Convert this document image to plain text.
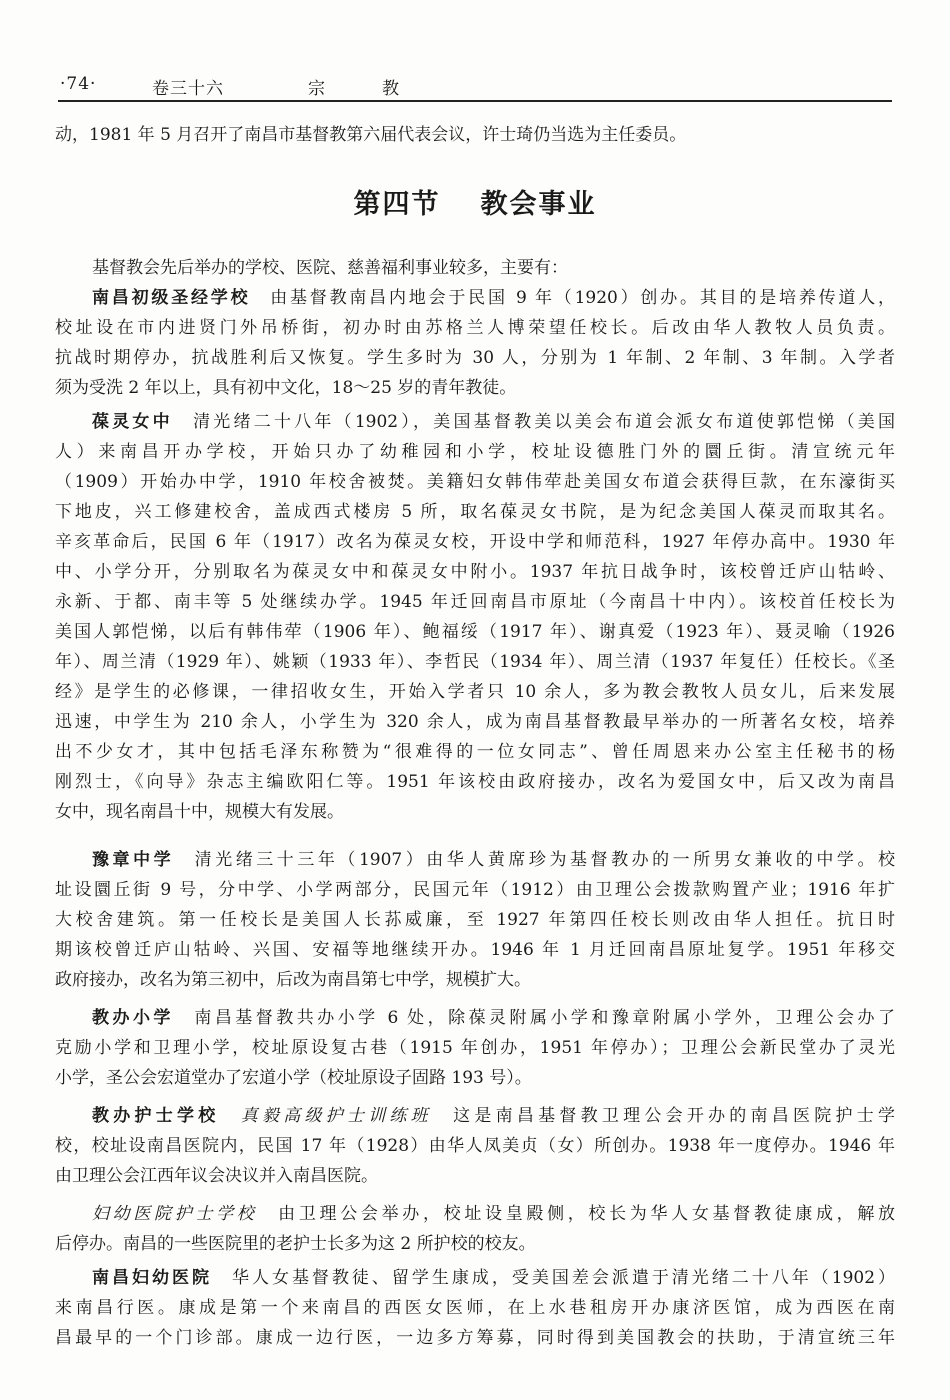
·74·	卷三十六	宗	教
第四节 教会事业
动，1981 年 5 月召开了南昌市基督教第六届代表会议，许士琦仍当选为主任委员。
基督教会先后举办的学校、医院、慈善福利事业较多，主要有：
南昌初级圣经学校　由基督教南昌内地会于民国 9 年（1920）创办。其目的是培养传道人，
校址设在市内进贤门外吊桥街，初办时由苏格兰人博荣望任校长。后改由华人教牧人员负责。
抗战时期停办，抗战胜利后又恢复。学生多时为 30 人，分别为 1 年制、2 年制、3 年制。入学者
须为受洗 2 年以上，具有初中文化，18～25 岁的青年教徒。
葆灵女中　清光绪二十八年（1902），美国基督教美以美会布道会派女布道使郭恺悌（美国
人）来南昌开办学校，开始只办了幼稚园和小学，校址设德胜门外的圜丘街。清宣统元年
（1909）开始办中学，1910 年校舍被焚。美籍妇女韩伟荦赴美国女布道会获得巨款，在东濠街买
下地皮，兴工修建校舍，盖成西式楼房 5 所，取名葆灵女书院，是为纪念美国人葆灵而取其名。
辛亥革命后，民国 6 年（1917）改名为葆灵女校，开设中学和师范科，1927 年停办高中。1930 年
中、小学分开，分别取名为葆灵女中和葆灵女中附小。1937 年抗日战争时，该校曾迁庐山牯岭、
永新、于都、南丰等 5 处继续办学。1945 年迁回南昌市原址（今南昌十中内）。该校首任校长为
美国人郭恺悌，以后有韩伟荦（1906 年）、鲍福绥（1917 年）、谢真爱（1923 年）、聂灵喻（1926
年）、周兰清（1929 年）、姚颖（1933 年）、李哲民（1934 年）、周兰清（1937 年复任）任校长。《圣
经》是学生的必修课，一律招收女生，开始入学者只 10 余人，多为教会教牧人员女儿，后来发展
迅速，中学生为 210 余人，小学生为 320 余人，成为南昌基督教最早举办的一所著名女校，培养
出不少女才，其中包括毛泽东称赞为“很难得的一位女同志”、曾任周恩来办公室主任秘书的杨
刚烈士，《向导》杂志主编欧阳仁等。1951 年该校由政府接办，改名为爱国女中，后又改为南昌
女中，现名南昌十中，规模大有发展。
豫章中学　清光绪三十三年（1907）由华人黄席珍为基督教办的一所男女兼收的中学。校
址设圜丘街 9 号，分中学、小学两部分，民国元年（1912）由卫理公会拨款购置产业；1916 年扩
大校舍建筑。第一任校长是美国人长荪威廉，至 1927 年第四任校长则改由华人担任。抗日时
期该校曾迁庐山牯岭、兴国、安福等地继续开办。1946 年 1 月迁回南昌原址复学。1951 年移交
政府接办，改名为第三初中，后改为南昌第七中学，规模扩大。
教办小学　南昌基督教共办小学 6 处，除葆灵附属小学和豫章附属小学外，卫理公会办了
克励小学和卫理小学，校址原设复古巷（1915 年创办，1951 年停办）；卫理公会新民堂办了灵光
小学，圣公会宏道堂办了宏道小学（校址原设子固路 193 号）。
教办护士学校　真毅高级护士训练班　这是南昌基督教卫理公会开办的南昌医院护士学
校，校址设南昌医院内，民国 17 年（1928）由华人凤美贞（女）所创办。1938 年一度停办。1946 年
由卫理公会江西年议会决议并入南昌医院。
妇幼医院护士学校　由卫理公会举办，校址设皇殿侧，校长为华人女基督教徒康成，解放
后停办。南昌的一些医院里的老护士长多为这 2 所护校的校友。
南昌妇幼医院　华人女基督教徒、留学生康成，受美国差会派遣于清光绪二十八年（1902）
来南昌行医。康成是第一个来南昌的西医女医师，在上水巷租房开办康济医馆，成为西医在南
昌最早的一个门诊部。康成一边行医，一边多方筹募，同时得到美国教会的扶助，于清宣统三年
